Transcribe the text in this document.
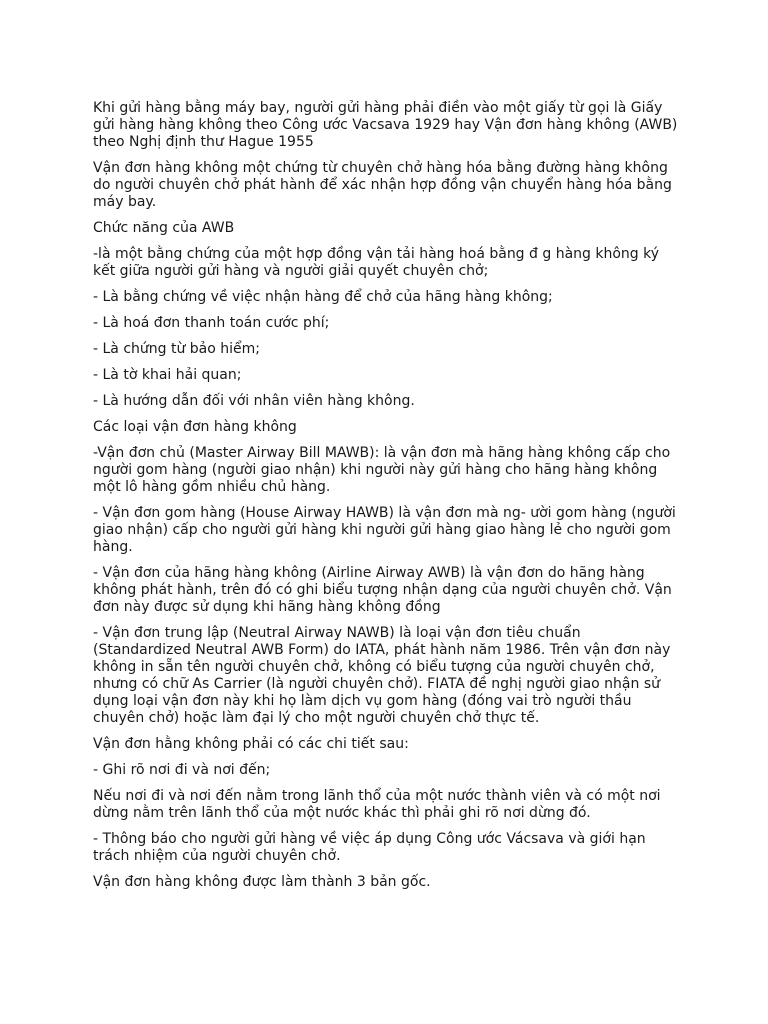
Khi gửi hàng bằng máy bay, người gửi hàng phải điền vào một giấy từ gọi là Giấy gửi hàng hàng không theo Công ước Vacsava 1929 hay Vận đơn hàng không (AWB) theo Nghị định thư Hague 1955

Vận đơn hàng không một chứng từ chuyên chở hàng hóa bằng đường hàng không do người chuyên chở phát hành để xác nhận hợp đồng vận chuyển hàng hóa bằng máy bay.

Chức năng của AWB

-là một bằng chứng của một hợp đồng vận tải hàng hoá bằng đ g hàng không ký kết giữa người gửi hàng và người giải quyết chuyên chở;

- Là bằng chứng về việc nhận hàng để chở của hãng hàng không;

- Là hoá đơn thanh toán cước phí;

- Là chứng từ bảo hiểm;

- Là tờ khai hải quan;

- Là hướng dẫn đối với nhân viên hàng không.

Các loại vận đơn hàng không

-Vận đơn chủ (Master Airway Bill MAWB): là vận đơn mà hãng hàng không cấp cho người gom hàng (người giao nhận) khi người này gửi hàng cho hãng hàng không một lô hàng gồm nhiều chủ hàng.

- Vận đơn gom hàng (House Airway HAWB) là vận đơn mà ng- ười gom hàng (người giao nhận) cấp cho người gửi hàng khi người gửi hàng giao hàng lẻ cho người gom hàng.

- Vận đơn của hãng hàng không (Airline Airway AWB) là vận đơn do hãng hàng không phát hành, trên đó có ghi biểu tượng nhận dạng của người chuyên chở. Vận đơn này được sử dụng khi hãng hàng không đồng

- Vận đơn trung lập (Neutral Airway NAWB) là loại vận đơn tiêu chuẩn (Standardized Neutral AWB Form) do IATA, phát hành năm 1986. Trên vận đơn này không in sẵn tên người chuyên chở, không có biểu tượng của người chuyên chở, nhưng có chữ As Carrier (là người chuyên chở). FIATA đề nghị người giao nhận sử dụng loại vận đơn này khi họ làm dịch vụ gom hàng (đóng vai trò người thầu chuyên chở) hoặc làm đại lý cho một người chuyên chở thực tế.

Vận đơn hằng không phải có các chi tiết sau:

- Ghi rõ nơi đi và nơi đến;

Nếu nơi đi và nơi đến nằm trong lãnh thổ của một nước thành viên và có một nơi dừng nằm trên lãnh thổ của một nước khác thì phải ghi rõ nơi dừng đó.

- Thông báo cho người gửi hàng về việc áp dụng Công ước Vácsava và giới hạn trách nhiệm của người chuyên chở.

Vận đơn hàng không được làm thành 3 bản gốc.
